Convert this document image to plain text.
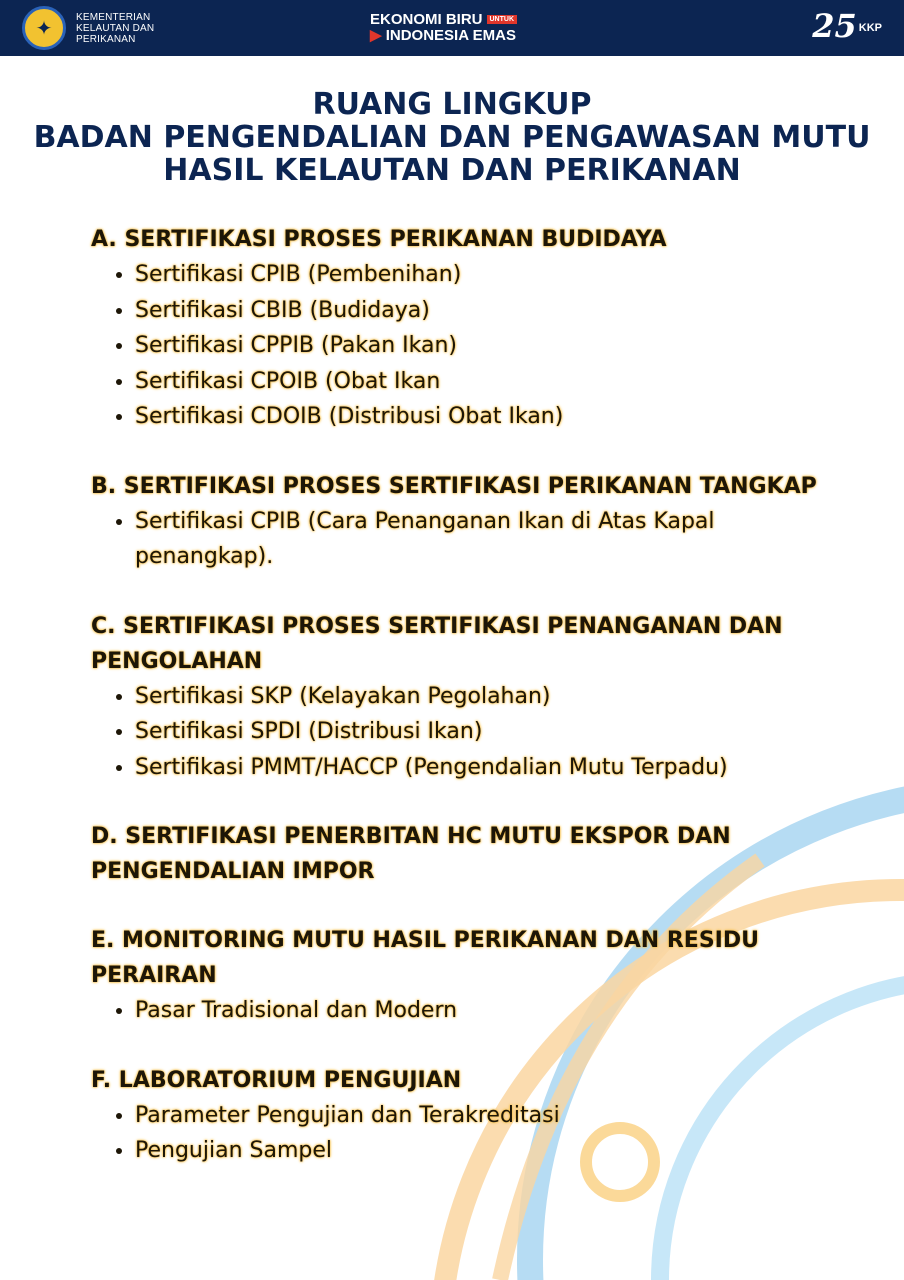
✦	KEMENTERIAN
KELAUTAN DAN
PERIKANAN
EKONOMI BIRU	UNTUK
▶ INDONESIA EMAS	25 KKP
RUANG LINGKUP
BADAN PENGENDALIAN DAN PENGAWASAN MUTU
HASIL KELAUTAN DAN PERIKANAN

A. SERTIFIKASI PROSES PERIKANAN BUDIDAYA

• Sertifikasi CPIB (Pembenihan)
• Sertifikasi CBIB (Budidaya)
• Sertifikasi CPPIB (Pakan Ikan)
• Sertifikasi CPOIB (Obat Ikan
• Sertifikasi CDOIB (Distribusi Obat Ikan)

B. SERTIFIKASI PROSES SERTIFIKASI PERIKANAN TANGKAP

• Sertifikasi CPIB (Cara Penanganan Ikan di Atas Kapal penangkap).

C. SERTIFIKASI PROSES SERTIFIKASI PENANGANAN DAN PENGOLAHAN

• Sertifikasi SKP (Kelayakan Pegolahan)
• Sertifikasi SPDI (Distribusi Ikan)
• Sertifikasi PMMT/HACCP (Pengendalian Mutu Terpadu)

D. SERTIFIKASI PENERBITAN HC MUTU EKSPOR DAN PENGENDALIAN IMPOR

E. MONITORING MUTU HASIL PERIKANAN DAN RESIDU PERAIRAN

• Pasar Tradisional dan Modern

F. LABORATORIUM PENGUJIAN

• Parameter Pengujian dan Terakreditasi
• Pengujian Sampel
